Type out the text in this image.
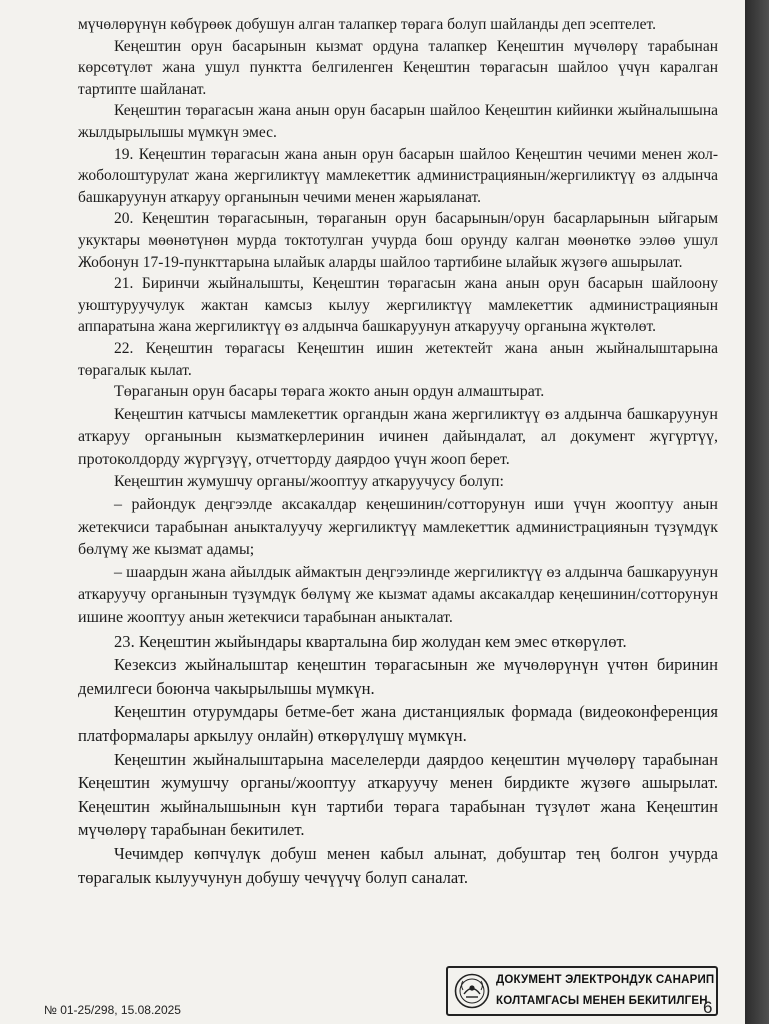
мүчөлөрүнүн көбүрөөк добушун алган талапкер төрага болуп шайланды деп эсептелет.

Кеңештин орун басарынын кызмат ордуна талапкер Кеңештин мүчөлөрү тарабынан көрсөтүлөт жана ушул пунктта белгиленген Кеңештин төрагасын шайлоо үчүн каралган тартипте шайланат.

Кеңештин төрагасын жана анын орун басарын шайлоо Кеңештин кийинки жыйналышына жылдырылышы мүмкүн эмес.

19. Кеңештин төрагасын жана анын орун басарын шайлоо Кеңештин чечими менен жол-жоболоштурулат жана жергиликтүү мамлекеттик администрациянын/жергиликтүү өз алдынча башкаруунун аткаруу органынын чечими менен жарыяланат.

20. Кеңештин төрагасынын, төраганын орун басарынын/орун басарларынын ыйгарым укуктары мөөнөтүнөн мурда токтотулган учурда бош орунду калган мөөнөткө ээлөө ушул Жобонун 17-19-пункттарына ылайык аларды шайлоо тартибине ылайык жүзөгө ашырылат.

21. Биринчи жыйналышты, Кеңештин төрагасын жана анын орун басарын шайлоону уюштуруучулук жактан камсыз кылуу жергиликтүү мамлекеттик администрациянын аппаратына жана жергиликтүү өз алдынча башкаруунун аткаруучу органына жүктөлөт.

22. Кеңештин төрагасы Кеңештин ишин жетектейт жана анын жыйналыштарына төрагалык кылат.

Төраганын орун басары төрага жокто анын ордун алмаштырат.

Кеңештин катчысы мамлекеттик органдын жана жергиликтүү өз алдынча башкаруунун аткаруу органынын кызматкерлеринин ичинен дайындалат, ал документ жүгүртүү, протоколдорду жүргүзүү, отчетторду даярдоо үчүн жооп берет.

Кеңештин жумушчу органы/жооптуу аткаруучусу болуп:

– райондук деңгээлде аксакалдар кеңешинин/сотторунун иши үчүн жооптуу анын жетекчиси тарабынан аныкталуучу жергиликтүү мамлекеттик администрациянын түзүмдүк бөлүмү же кызмат адамы;

– шаардын жана айылдык аймактын деңгээлинде жергиликтүү өз алдынча башкаруунун аткаруучу органынын түзүмдүк бөлүмү же кызмат адамы аксакалдар кеңешинин/сотторунун ишине жооптуу анын жетекчиси тарабынан аныкталат.

23. Кеңештин жыйындары кварталына бир жолудан кем эмес өткөрүлөт.

Кезексиз жыйналыштар кеңештин төрагасынын же мүчөлөрүнүн үчтөн биринин демилгеси боюнча чакырылышы мүмкүн.

Кеңештин отурумдары бетме-бет жана дистанциялык формада (видеоконференция платформалары аркылуу онлайн) өткөрүлүшү мүмкүн.

Кеңештин жыйналыштарына маселелерди даярдоо кеңештин мүчөлөрү тарабынан Кеңештин жумушчу органы/жооптуу аткаруучу менен бирдикте жүзөгө ашырылат. Кеңештин жыйналышынын күн тартиби төрага тарабынан түзүлөт жана Кеңештин мүчөлөрү тарабынан бекитилет.

Чечимдер көпчүлүк добуш менен кабыл алынат, добуштар тең болгон учурда төрагалык кылуучунун добушу чечүүчү болуп саналат.

№ 01-25/298, 15.08.2025
ДОКУМЕНТ ЭЛЕКТРОНДУК САНАРИП
КОЛТАМГАСЫ МЕНЕН БЕКИТИЛГЕН
6
